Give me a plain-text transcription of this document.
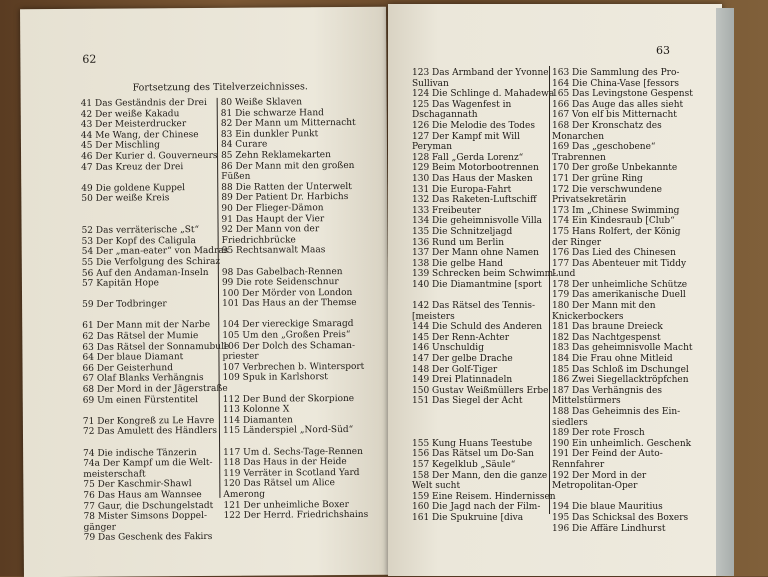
62
Fortsetzung des Titelverzeichnisses.
41 Das Geständnis der Drei
42 Der weiße Kakadu
43 Der Meisterdrucker
44 Me Wang, der Chinese
45 Der Mischling
46 Der Kurier d. Gouverneurs
47 Das Kreuz der Drei
49 Die goldene Kuppel
50 Der weiße Kreis
52 Das verräterische „St“
53 Der Kopf des Caligula
54 Der „man-eater“ von Madras
55 Die Verfolgung des Schiraz
56 Auf den Andaman-Inseln
57 Kapitän Hope
59 Der Todbringer
61 Der Mann mit der Narbe
62 Das Rätsel der Mumie
63 Das Rätsel der Sonnamubule
64 Der blaue Diamant
66 Der Geisterhund
67 Olaf Blanks Verhängnis
68 Der Mord in der Jägerstraße
69 Um einen Fürstentitel
71 Der Kongreß zu Le Havre
72 Das Amulett des Händlers
74 Die indische Tänzerin
74a Der Kampf um die Welt-
meisterschaft
75 Der Kaschmir-Shawl
76 Das Haus am Wannsee
77 Gaur, die Dschungelstadt
78 Mister Simsons Doppel-
gänger
79 Das Geschenk des Fakirs
80 Weiße Sklaven
81 Die schwarze Hand
82 Der Mann um Mitternacht
83 Ein dunkler Punkt
84 Curare
85 Zehn Reklamekarten
86 Der Mann mit den großen
Füßen
88 Die Ratten der Unterwelt
89 Der Patient Dr. Harbichs
90 Der Flieger-Dämon
91 Das Haupt der Vier
92 Der Mann von der
Friedrichbrücke
95 Rechtsanwalt Maas
98 Das Gabelbach-Rennen
99 Die rote Seidenschnur
100 Der Mörder von London
101 Das Haus an der Themse
104 Der viereckige Smaragd
105 Um den „Großen Preis“
106 Der Dolch des Schaman-
priester
107 Verbrechen b. Wintersport
109 Spuk in Karlshorst
112 Der Bund der Skorpione
113 Kolonne X
114 Diamanten
115 Länderspiel „Nord-Süd“
117 Um d. Sechs-Tage-Rennen
118 Das Haus in der Heide
119 Verräter in Scotland Yard
120 Das Rätsel um Alice
Amerong
121 Der unheimliche Boxer
122 Der Herrd. Friedrichshains
63
123 Das Armband der Yvonne
Sullivan
124 Die Schlinge d. Mahadewa
125 Das Wagenfest in
Dschagannath
126 Die Melodie des Todes
127 Der Kampf mit Will
Peryman
128 Fall „Gerda Lorenz“
129 Beim Motorbootrennen
130 Das Haus der Masken
131 Die Europa-Fahrt
132 Das Raketen-Luftschiff
133 Freibeuter
134 Die geheimnisvolle Villa
135 Die Schnitzeljagd
136 Rund um Berlin
137 Der Mann ohne Namen
138 Die gelbe Hand
139 Schrecken beim Schwimm-
140 Die Diamantmine [sport
142 Das Rätsel des Tennis-
[meisters
144 Die Schuld des Anderen
145 Der Renn-Achter
146 Unschuldig
147 Der gelbe Drache
148 Der Golf-Tiger
149 Drei Platinnadeln
150 Gustav Weißmüllers Erbe
151 Das Siegel der Acht
155 Kung Huans Teestube
156 Das Rätsel um Do-San
157 Kegelklub „Säule“
158 Der Mann, den die ganze
Welt sucht
159 Eine Reisem. Hindernissen
160 Die Jagd nach der Film-
161 Die Spukruine [diva
163 Die Sammlung des Pro-
164 Die China-Vase [fessors
165 Das Levingstone Gespenst
166 Das Auge das alles sieht
167 Von elf bis Mitternacht
168 Der Kronschatz des
Monarchen
169 Das „geschobene“
Trabrennen
170 Der große Unbekannte
171 Der grüne Ring
172 Die verschwundene
Privatsekretärin
173 Im „Chinese Swimming
174 Ein Kindesraub [Club“
175 Hans Rolfert, der König
der Ringer
176 Das Lied des Chinesen
177 Das Abenteuer mit Tiddy
Lund
178 Der unheimliche Schütze
179 Das amerikanische Duell
180 Der Mann mit den
Knickerbockers
181 Das braune Dreieck
182 Das Nachtgespenst
183 Das geheimnisvolle Macht
184 Die Frau ohne Mitleid
185 Das Schloß im Dschungel
186 Zwei Siegellacktröpfchen
187 Das Verhängnis des
Mittelstürmers
188 Das Geheimnis des Ein-
siedlers
189 Der rote Frosch
190 Ein unheimlich. Geschenk
191 Der Feind der Auto-
Rennfahrer
192 Der Mord in der
Metropolitan-Oper
194 Die blaue Mauritius
195 Das Schicksal des Boxers
196 Die Affäre Lindhurst
